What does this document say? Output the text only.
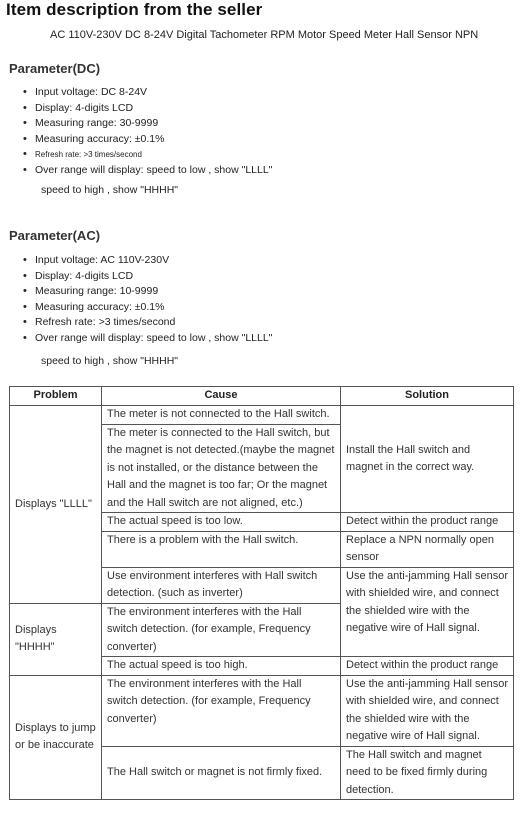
Item description from the seller
AC 110V-230V DC 8-24V Digital Tachometer RPM Motor Speed Meter Hall Sensor NPN
Parameter(DC)
• Input voltage: DC 8-24V
• Display: 4-digits LCD
• Measuring range: 30-9999
• Measuring accuracy: ±0.1%
• Refresh rate: >3 times/second
• Over range will display: speed to low , show "LLLL"
speed to high , show "HHHH"
Parameter(AC)
• Input voltage: AC 110V-230V
• Display: 4-digits LCD
• Measuring range: 10-9999
• Measuring accuracy: ±0.1%
• Refresh rate: >3 times/second
• Over range will display: speed to low , show "LLLL"
speed to high , show "HHHH"
Problem	Cause	Solution
Displays "LLLL"	The meter is not connected to the Hall switch.	Install the Hall switch and magnet in the correct way.
	The meter is connected to the Hall switch, but the magnet is not detected.(maybe the magnet is not installed, or the distance between the Hall and the magnet is too far; Or the magnet and the Hall switch are not aligned, etc.)	
	The actual speed is too low.	Detect within the product range
	There is a problem with the Hall switch.	Replace a NPN normally open sensor
	Use environment interferes with Hall switch detection. (such as inverter)	Use the anti-jamming Hall sensor with shielded wire, and connect the shielded wire with the negative wire of Hall signal.
Displays "HHHH"	The environment interferes with the Hall switch detection. (for example, Frequency converter)	
	The actual speed is too high.	Detect within the product range
Displays to jump or be inaccurate	The environment interferes with the Hall switch detection. (for example, Frequency converter)	Use the anti-jamming Hall sensor with shielded wire, and connect the shielded wire with the negative wire of Hall signal.
	The Hall switch or magnet is not firmly fixed.	The Hall switch and magnet need to be fixed firmly during detection.
